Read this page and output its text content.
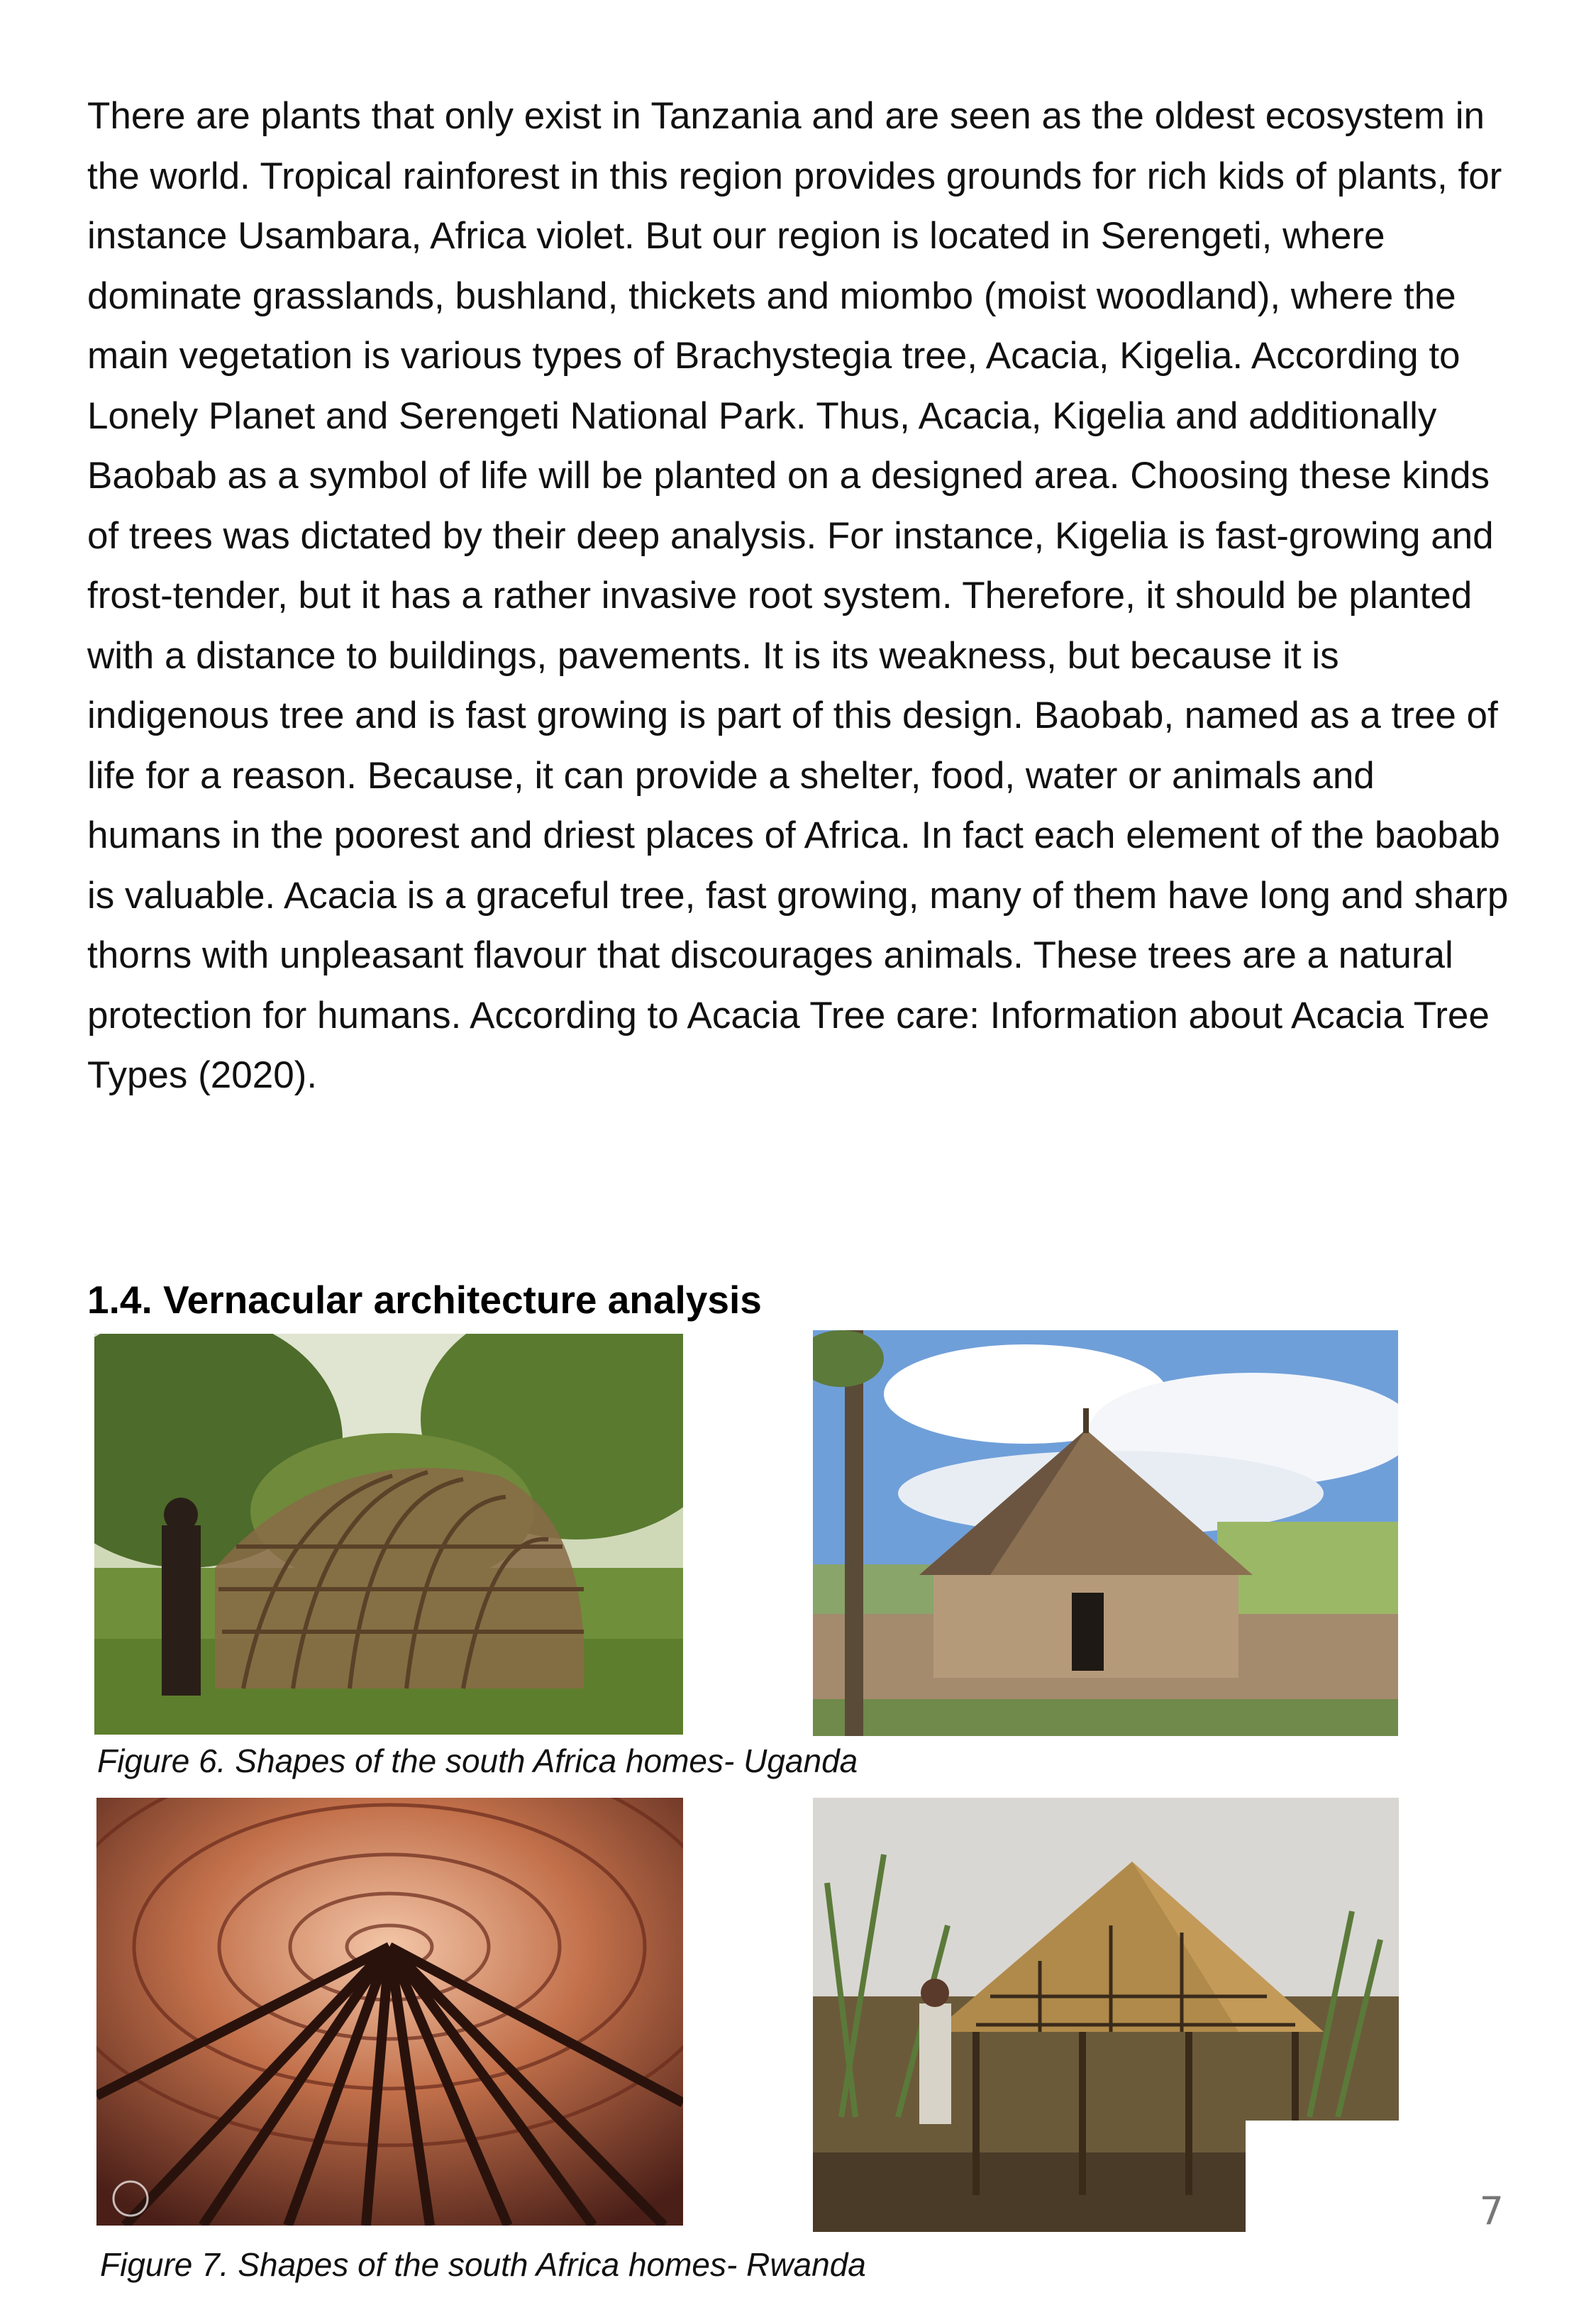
There are plants that only exist in Tanzania and are seen as the oldest ecosystem in the world. Tropical rainforest in this region provides grounds for rich kids of plants, for instance Usambara, Africa violet. But our region is located in Serengeti, where dominate grasslands, bushland, thickets and miombo (moist woodland), where the main vegetation is various types of Brachystegia tree, Acacia, Kigelia. According to Lonely Planet and Serengeti National Park. Thus, Acacia, Kigelia and additionally Baobab as a symbol of life will be planted on a designed area. Choosing these kinds of trees was dictated by their deep analysis. For instance, Kigelia is fast-growing and frost-tender, but it has a rather invasive root system. Therefore, it should be planted with a distance to buildings, pavements. It is its weakness, but because it is indigenous tree and is fast growing is part of this design. Baobab, named as a tree of life for a reason. Because, it can provide a shelter, food, water or animals and humans in the poorest and driest places of Africa. In fact each element of the baobab is valuable. Acacia is a graceful tree, fast growing, many of them have long and sharp thorns with unpleasant flavour that discourages animals. These trees are a natural protection for humans. According to Acacia Tree care: Information about Acacia Tree Types (2020).

1.4. Vernacular architecture analysis

Figure 6. Shapes of the south Africa homes- Uganda

Figure 7. Shapes of the south Africa homes- Rwanda

7
